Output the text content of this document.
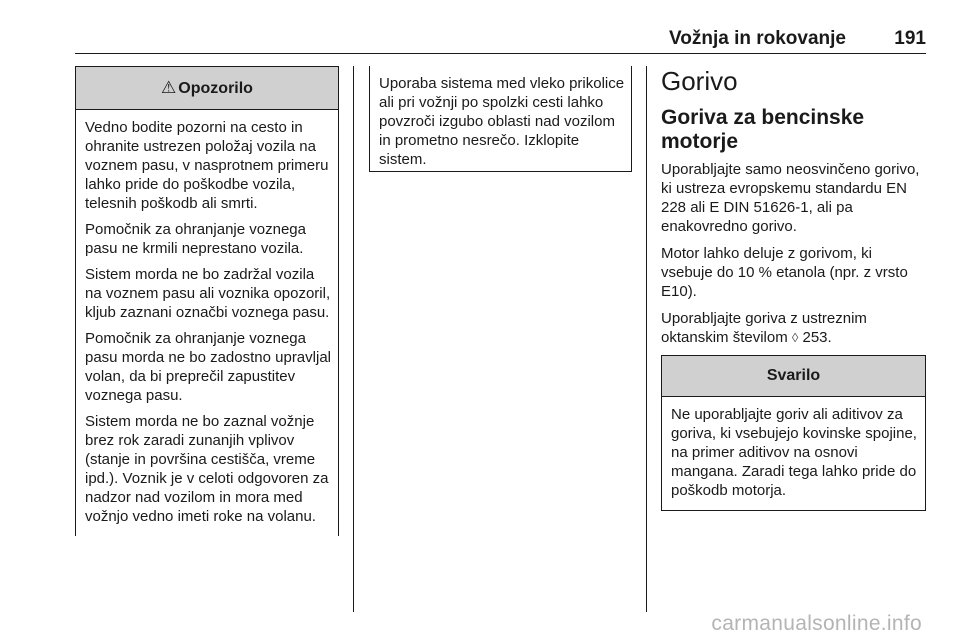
Vožnja in rokovanje	191
⚠ Opozorilo

Vedno bodite pozorni na cesto in ohranite ustrezen položaj vozila na voznem pasu, v nasprotnem primeru lahko pride do poškodbe vozila, telesnih poškodb ali smrti.

Pomočnik za ohranjanje voznega pasu ne krmili neprestano vozila.

Sistem morda ne bo zadržal vozila na voznem pasu ali voznika opozoril, kljub zaznani označbi voznega pasu.

Pomočnik za ohranjanje voznega pasu morda ne bo zadostno upravljal volan, da bi preprečil zapustitev voznega pasu.

Sistem morda ne bo zaznal vožnje brez rok zaradi zunanjih vplivov (stanje in površina cestišča, vreme ipd.). Voznik je v celoti odgovoren za nadzor nad vozilom in mora med vožnjo vedno imeti roke na volanu.

Uporaba sistema med vleko prikolice ali pri vožnji po spolzki cesti lahko povzroči izgubo oblasti nad vozilom in prometno nesrečo. Izklopite sistem.

Gorivo
Goriva za bencinske motorje

Uporabljajte samo neosvinčeno gorivo, ki ustreza evropskemu standardu EN 228 ali E DIN 51626-1, ali pa enakovredno gorivo.

Motor lahko deluje z gorivom, ki vsebuje do 10 % etanola (npr. z vrsto E10).

Uporabljajte goriva z ustreznim oktanskim številom ◊ 253.

Svarilo

Ne uporabljajte goriv ali aditivov za goriva, ki vsebujejo kovinske spojine, na primer aditivov na osnovi mangana. Zaradi tega lahko pride do poškodb motorja.

carmanualsonline.info
